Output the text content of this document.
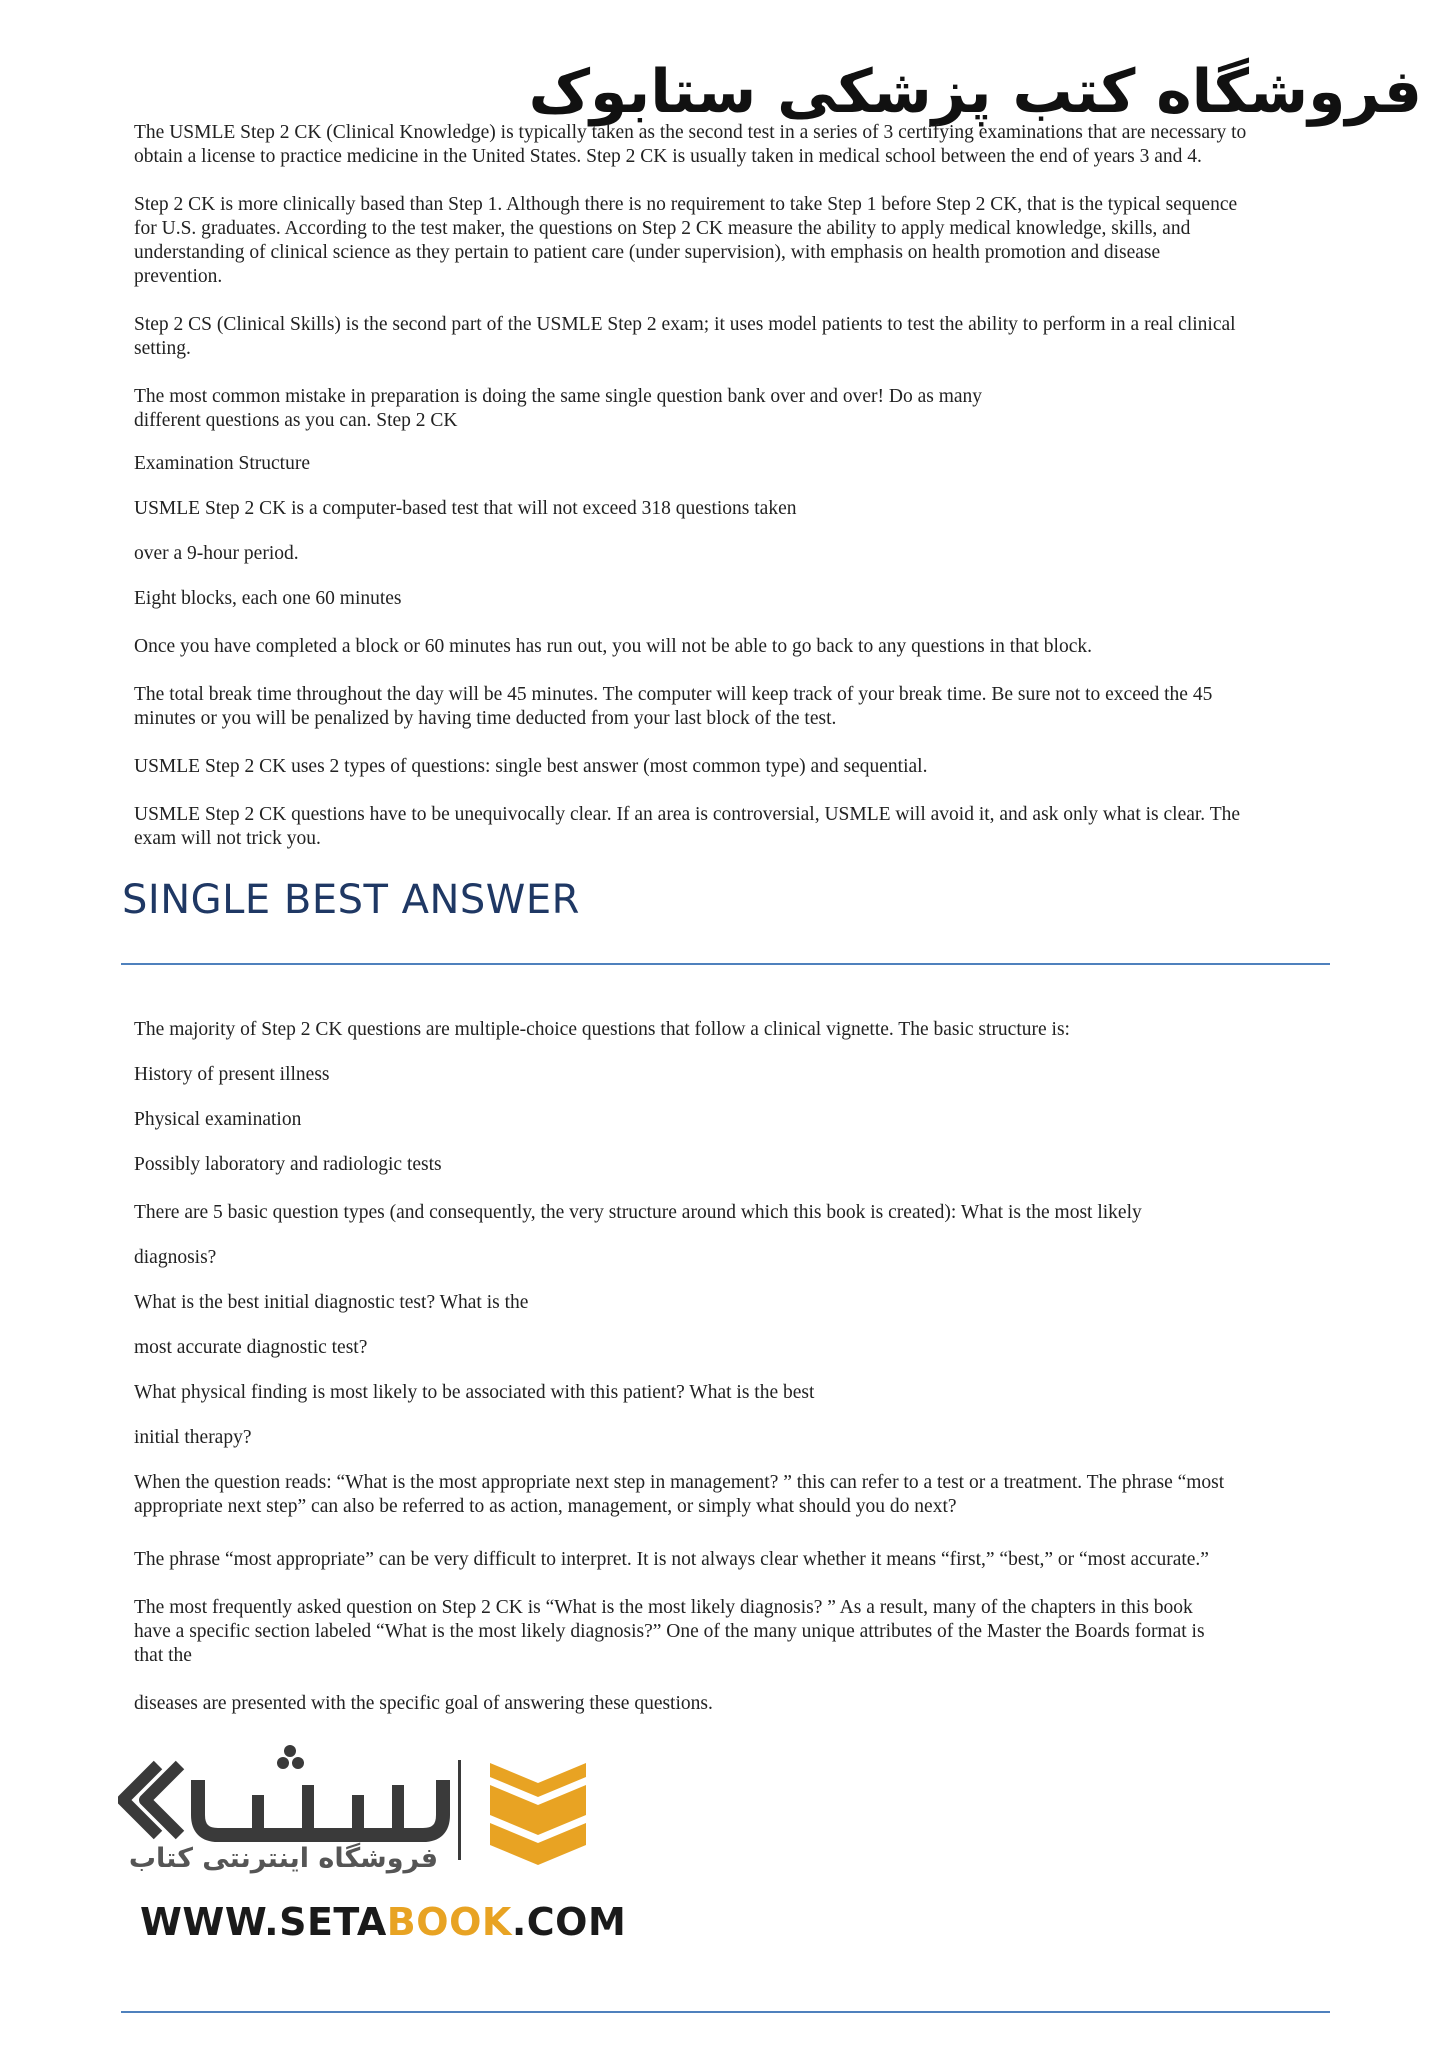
فروشگاه کتب پزشکی ستابوک

The USMLE Step 2 CK (Clinical Knowledge) is typically taken as the second test in a series of 3 certifying examinations that are necessary to
obtain a license to practice medicine in the United States. Step 2 CK is usually taken in medical school between the end of years 3 and 4.

Step 2 CK is more clinically based than Step 1. Although there is no requirement to take Step 1 before Step 2 CK, that is the typical sequence
for U.S. graduates. According to the test maker, the questions on Step 2 CK measure the ability to apply medical knowledge, skills, and
understanding of clinical science as they pertain to patient care (under supervision), with emphasis on health promotion and disease
prevention.

Step 2 CS (Clinical Skills) is the second part of the USMLE Step 2 exam; it uses model patients to test the ability to perform in a real clinical
setting.

The most common mistake in preparation is doing the same single question bank over and over! Do as many
different questions as you can. Step 2 CK

Examination Structure

USMLE Step 2 CK is a computer-based test that will not exceed 318 questions taken

over a 9-hour period.

Eight blocks, each one 60 minutes

Once you have completed a block or 60 minutes has run out, you will not be able to go back to any questions in that block.

The total break time throughout the day will be 45 minutes. The computer will keep track of your break time. Be sure not to exceed the 45
minutes or you will be penalized by having time deducted from your last block of the test.

USMLE Step 2 CK uses 2 types of questions: single best answer (most common type) and sequential.

USMLE Step 2 CK questions have to be unequivocally clear. If an area is controversial, USMLE will avoid it, and ask only what is clear. The
exam will not trick you.

SINGLE BEST ANSWER

The majority of Step 2 CK questions are multiple-choice questions that follow a clinical vignette. The basic structure is:

History of present illness

Physical examination

Possibly laboratory and radiologic tests

There are 5 basic question types (and consequently, the very structure around which this book is created): What is the most likely

diagnosis?

What is the best initial diagnostic test? What is the

most accurate diagnostic test?

What physical finding is most likely to be associated with this patient? What is the best

initial therapy?

When the question reads: “What is the most appropriate next step in management? ” this can refer to a test or a treatment. The phrase “most
appropriate next step” can also be referred to as action, management, or simply what should you do next?

The phrase “most appropriate” can be very difficult to interpret. It is not always clear whether it means “first,” “best,” or “most accurate.”

The most frequently asked question on Step 2 CK is “What is the most likely diagnosis? ” As a result, many of the chapters in this book
have a specific section labeled “What is the most likely diagnosis?” One of the many unique attributes of the Master the Boards format is
that the

diseases are presented with the specific goal of answering these questions.

فروشگاه اینترنتی کتاب
WWW.SETABOOK.COM
